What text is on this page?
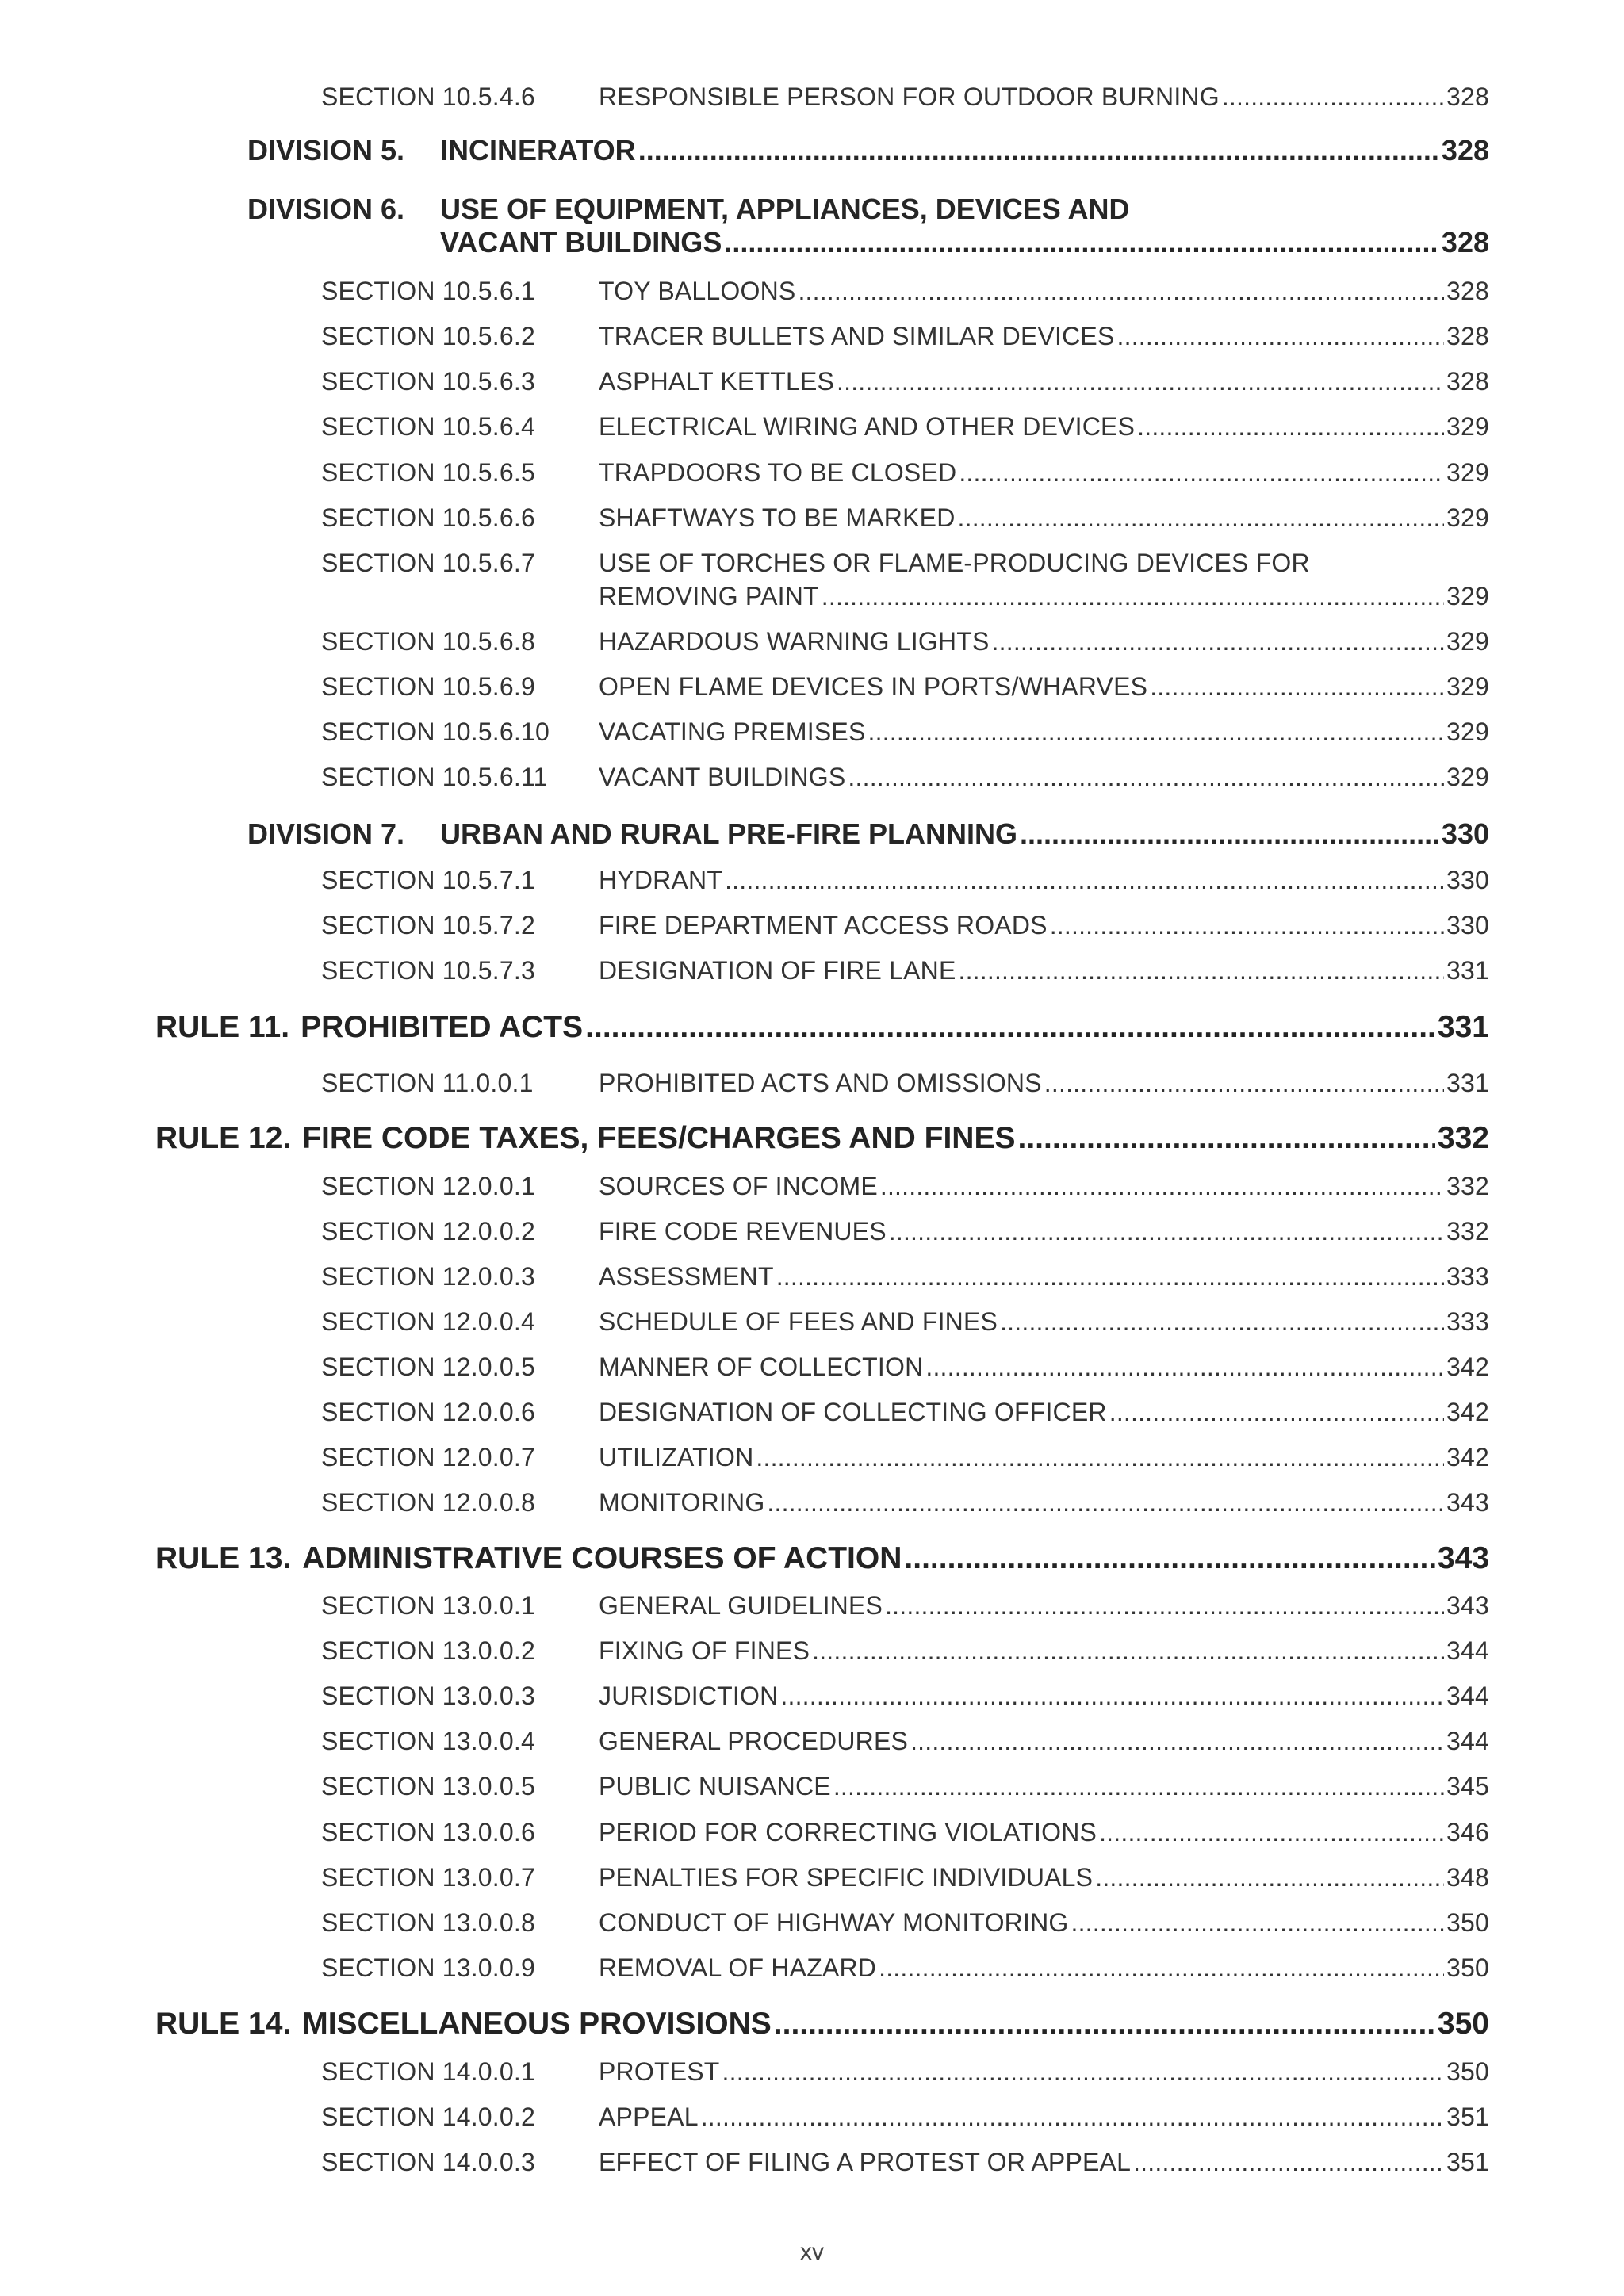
SECTION 10.5.4.6	RESPONSIBLE PERSON FOR OUTDOOR BURNING .....	328
DIVISION 5.	INCINERATOR .....	328
DIVISION 6.	USE OF EQUIPMENT, APPLIANCES, DEVICES AND
VACANT BUILDINGS .....	328
SECTION 10.5.6.1	TOY BALLOONS .....	328
SECTION 10.5.6.2	TRACER BULLETS AND SIMILAR DEVICES .....	328
SECTION 10.5.6.3	ASPHALT KETTLES .....	328
SECTION 10.5.6.4	ELECTRICAL WIRING AND OTHER DEVICES .....	329
SECTION 10.5.6.5	TRAPDOORS TO BE CLOSED .....	329
SECTION 10.5.6.6	SHAFTWAYS TO BE MARKED .....	329
SECTION 10.5.6.7	USE OF TORCHES OR FLAME-PRODUCING DEVICES FOR
REMOVING PAINT .....	329
SECTION 10.5.6.8	HAZARDOUS WARNING LIGHTS .....	329
SECTION 10.5.6.9	OPEN FLAME DEVICES IN PORTS/WHARVES .....	329
SECTION 10.5.6.10	VACATING PREMISES .....	329
SECTION 10.5.6.11	VACANT BUILDINGS .....	329
DIVISION 7.	URBAN AND RURAL PRE-FIRE PLANNING .....	330
SECTION 10.5.7.1	HYDRANT .....	330
SECTION 10.5.7.2	FIRE DEPARTMENT ACCESS ROADS .....	330
SECTION 10.5.7.3	DESIGNATION OF FIRE LANE .....	331
RULE 11. PROHIBITED ACTS .....	331
SECTION 11.0.0.1	PROHIBITED ACTS AND OMISSIONS .....	331
RULE 12. FIRE CODE TAXES, FEES/CHARGES AND FINES .....	332
SECTION 12.0.0.1	SOURCES OF INCOME .....	332
SECTION 12.0.0.2	FIRE CODE REVENUES .....	332
SECTION 12.0.0.3	ASSESSMENT .....	333
SECTION 12.0.0.4	SCHEDULE OF FEES AND FINES .....	333
SECTION 12.0.0.5	MANNER OF COLLECTION .....	342
SECTION 12.0.0.6	DESIGNATION OF COLLECTING OFFICER .....	342
SECTION 12.0.0.7	UTILIZATION .....	342
SECTION 12.0.0.8	MONITORING .....	343
RULE 13. ADMINISTRATIVE COURSES OF ACTION .....	343
SECTION 13.0.0.1	GENERAL GUIDELINES .....	343
SECTION 13.0.0.2	FIXING OF FINES .....	344
SECTION 13.0.0.3	JURISDICTION .....	344
SECTION 13.0.0.4	GENERAL PROCEDURES .....	344
SECTION 13.0.0.5	PUBLIC NUISANCE .....	345
SECTION 13.0.0.6	PERIOD FOR CORRECTING VIOLATIONS .....	346
SECTION 13.0.0.7	PENALTIES FOR SPECIFIC INDIVIDUALS .....	348
SECTION 13.0.0.8	CONDUCT OF HIGHWAY MONITORING .....	350
SECTION 13.0.0.9	REMOVAL OF HAZARD .....	350
RULE 14. MISCELLANEOUS PROVISIONS .....	350
SECTION 14.0.0.1	PROTEST .....	350
SECTION 14.0.0.2	APPEAL .....	351
SECTION 14.0.0.3	EFFECT OF FILING A PROTEST OR APPEAL .....	351
xv
